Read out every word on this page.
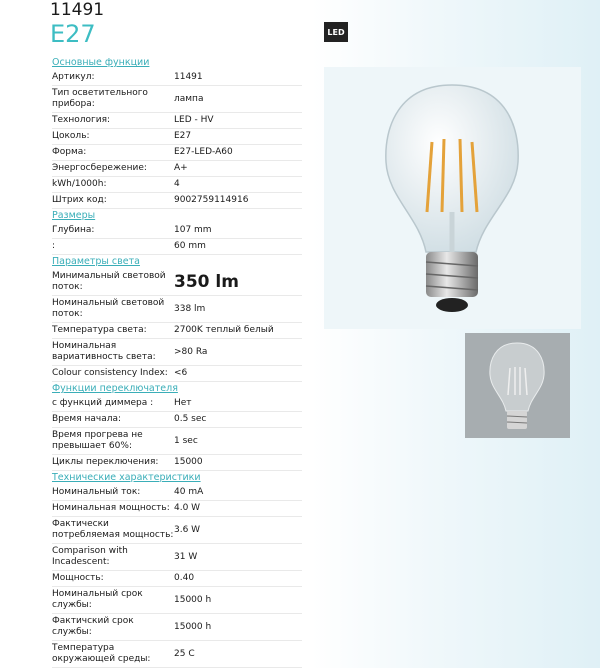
11491
E27	LED
Основные функции
Артикул:	11491
Тип осветительного прибора:
лампа
Технология:	LED - HV
Цоколь:	E27
Форма:	E27-LED-A60
Энергосбережение:	A+
kWh/1000h:	4
Штрих код:	9002759114916
Размеры
Глубина:	107 mm
:	60 mm
Параметры света
Минимальный световой поток:	350 lm
Номинальный световой поток:
338 lm
Температура света:	2700K теплый белый
Номинальная вариативность света:
>80 Ra
Colour consistency Index: <6
Функции переключателя
с функций диммера :	Нет
Время начала:	0.5 sec
Время прогрева не превышает 60%:
1 sec
Циклы переключения:	15000
Технические характеристики
Номинальный ток:	40 mA
Номинальная мощность: 4.0 W
Фактически потребляемая мощность:
3.6 W
Comparison with Incadescent:
31 W
Мощность:	0.40
Номинальный срок службы:
15000 h
Фактичский срок службы:
15000 h
Температура окружающей среды:
25 C
